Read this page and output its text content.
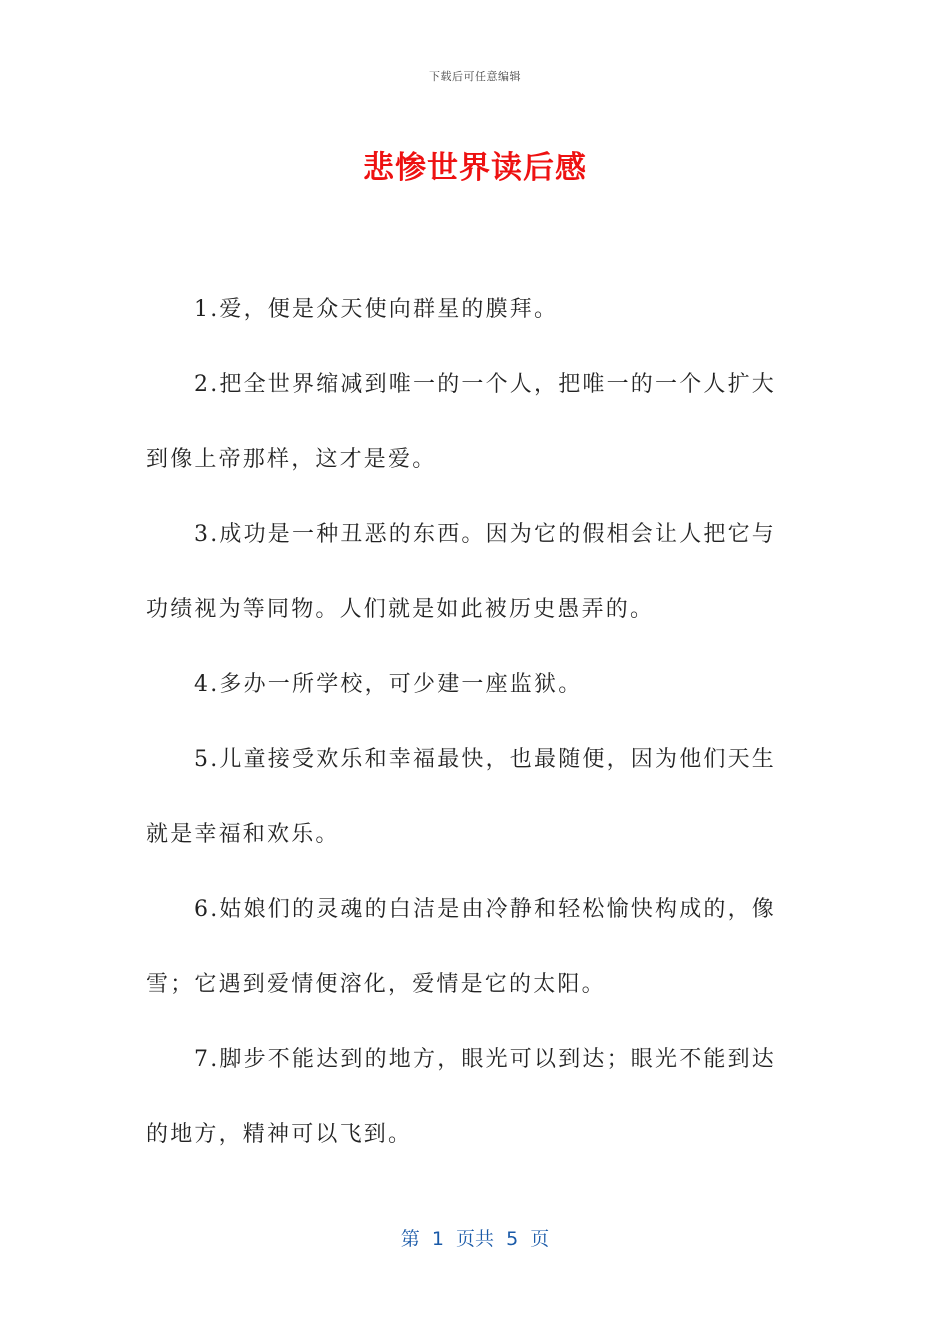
下载后可任意编辑
悲惨世界读后感

1.爱，便是众天使向群星的膜拜。

2.把全世界缩减到唯一的一个人，把唯一的一个人扩大到像上帝那样，这才是爱。

3.成功是一种丑恶的东西。因为它的假相会让人把它与功绩视为等同物。人们就是如此被历史愚弄的。

4.多办一所学校，可少建一座监狱。

5.儿童接受欢乐和幸福最快，也最随便，因为他们天生就是幸福和欢乐。

6.姑娘们的灵魂的白洁是由冷静和轻松愉快构成的，像雪；它遇到爱情便溶化，爱情是它的太阳。

7.脚步不能达到的地方，眼光可以到达；眼光不能到达的地方，精神可以飞到。

第  1  页共  5  页
